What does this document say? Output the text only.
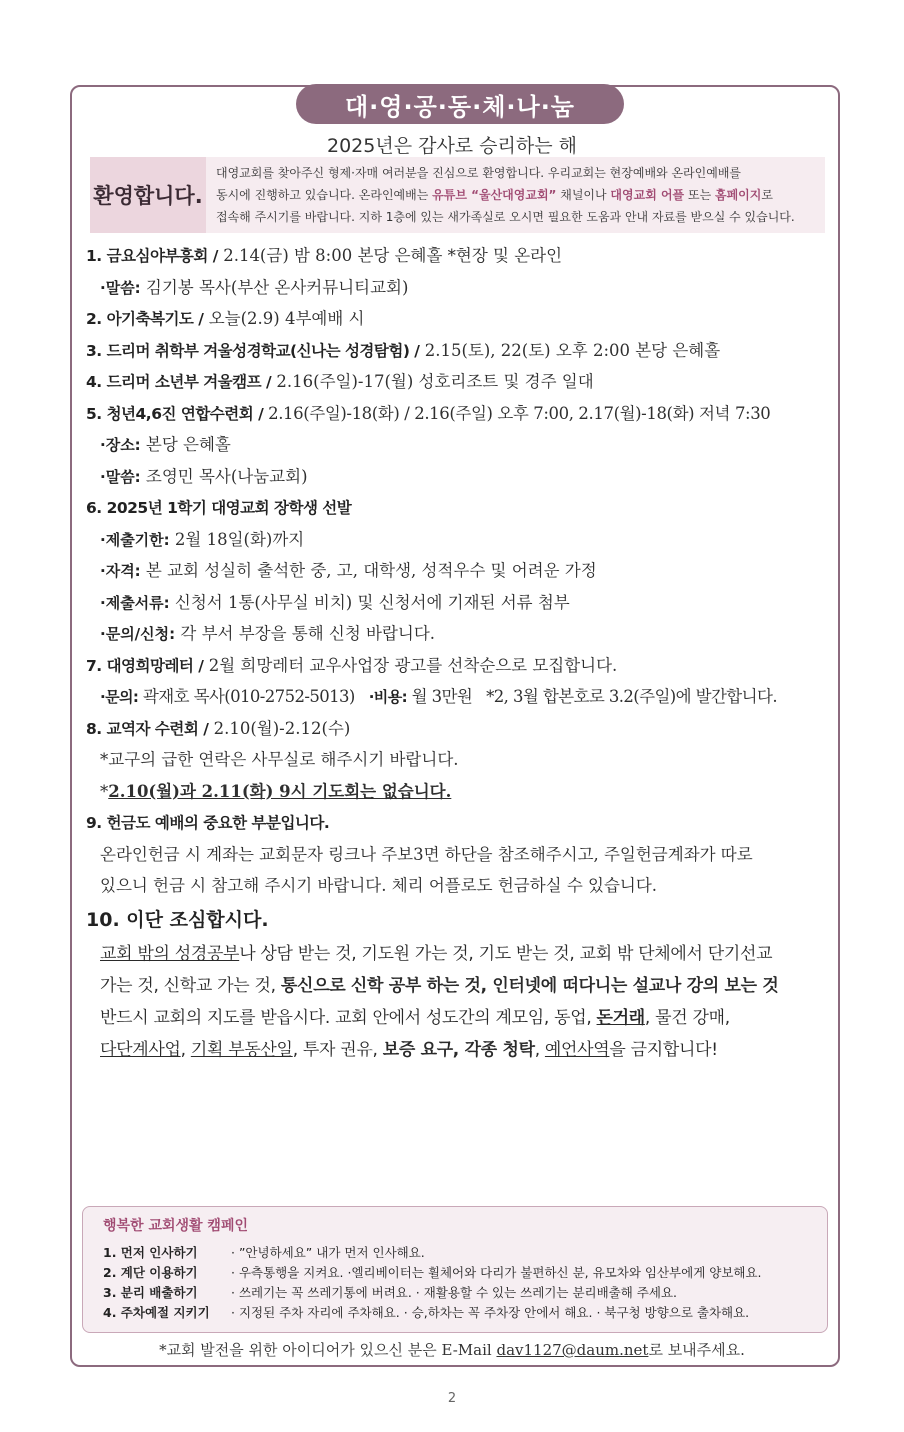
대·영·공·동·체·나·눔
2025년은 감사로 승리하는 해
환영합니다.
대영교회를 찾아주신 형제·자매 여러분을 진심으로 환영합니다. 우리교회는 현장예배와 온라인예배를
동시에 진행하고 있습니다. 온라인예배는 유튜브 “울산대영교회” 채널이나 대영교회 어플 또는 홈페이지로
접속해 주시기를 바랍니다. 지하 1층에 있는 새가족실로 오시면 필요한 도움과 안내 자료를 받으실 수 있습니다.
1. 금요심야부흥회 / 2.14(금) 밤 8:00 본당 은혜홀 *현장 및 온라인
·말씀: 김기봉 목사(부산 온사커뮤니티교회)
2. 아기축복기도 / 오늘(2.9) 4부예배 시
3. 드리머 취학부 겨울성경학교(신나는 성경탐험) / 2.15(토), 22(토) 오후 2:00 본당 은혜홀
4. 드리머 소년부 겨울캠프 / 2.16(주일)-17(월) 성호리조트 및 경주 일대
5. 청년4,6진 연합수련회 / 2.16(주일)-18(화) / 2.16(주일) 오후 7:00, 2.17(월)-18(화) 저녁 7:30
·장소: 본당 은혜홀
·말씀: 조영민 목사(나눔교회)
6. 2025년 1학기 대영교회 장학생 선발
·제출기한: 2월 18일(화)까지
·자격: 본 교회 성실히 출석한 중, 고, 대학생, 성적우수 및 어려운 가정
·제출서류: 신청서 1통(사무실 비치) 및 신청서에 기재된 서류 첨부
·문의/신청: 각 부서 부장을 통해 신청 바랍니다.
7. 대영희망레터 / 2월 희망레터 교우사업장 광고를 선착순으로 모집합니다.
·문의: 곽재호 목사(010-2752-5013)   ·비용: 월 3만원   *2, 3월 합본호로 3.2(주일)에 발간합니다.
8. 교역자 수련회 / 2.10(월)-2.12(수)
*교구의 급한 연락은 사무실로 해주시기 바랍니다.
*2.10(월)과 2.11(화) 9시 기도회는 없습니다.
9. 헌금도 예배의 중요한 부분입니다.
온라인헌금 시 계좌는 교회문자 링크나 주보3면 하단을 참조해주시고, 주일헌금계좌가 따로
있으니 헌금 시 참고해 주시기 바랍니다. 체리 어플로도 헌금하실 수 있습니다.
10. 이단 조심합시다.
교회 밖의 성경공부나 상담 받는 것, 기도원 가는 것, 기도 받는 것, 교회 밖 단체에서 단기선교
가는 것, 신학교 가는 것, 통신으로 신학 공부 하는 것, 인터넷에 떠다니는 설교나 강의 보는 것
반드시 교회의 지도를 받읍시다. 교회 안에서 성도간의 계모임, 동업, 돈거래, 물건 강매,
다단계사업, 기획 부동산일, 투자 권유, 보증 요구, 각종 청탁, 예언사역을 금지합니다!
행복한 교회생활 캠페인
1. 먼저 인사하기	· ”안녕하세요” 내가 먼저 인사해요.
2. 계단 이용하기	· 우측통행을 지켜요. ·엘리베이터는 휠체어와 다리가 불편하신 분, 유모차와 임산부에게 양보해요.
3. 분리 배출하기	· 쓰레기는 꼭 쓰레기통에 버려요. · 재활용할 수 있는 쓰레기는 분리배출해 주세요.
4. 주차예절 지키기 · 지정된 주차 자리에 주차해요. · 승,하차는 꼭 주차장 안에서 해요. · 북구청 방향으로 출차해요.
*교회 발전을 위한 아이디어가 있으신 분은 E-Mail dav1127@daum.net로 보내주세요.
2
